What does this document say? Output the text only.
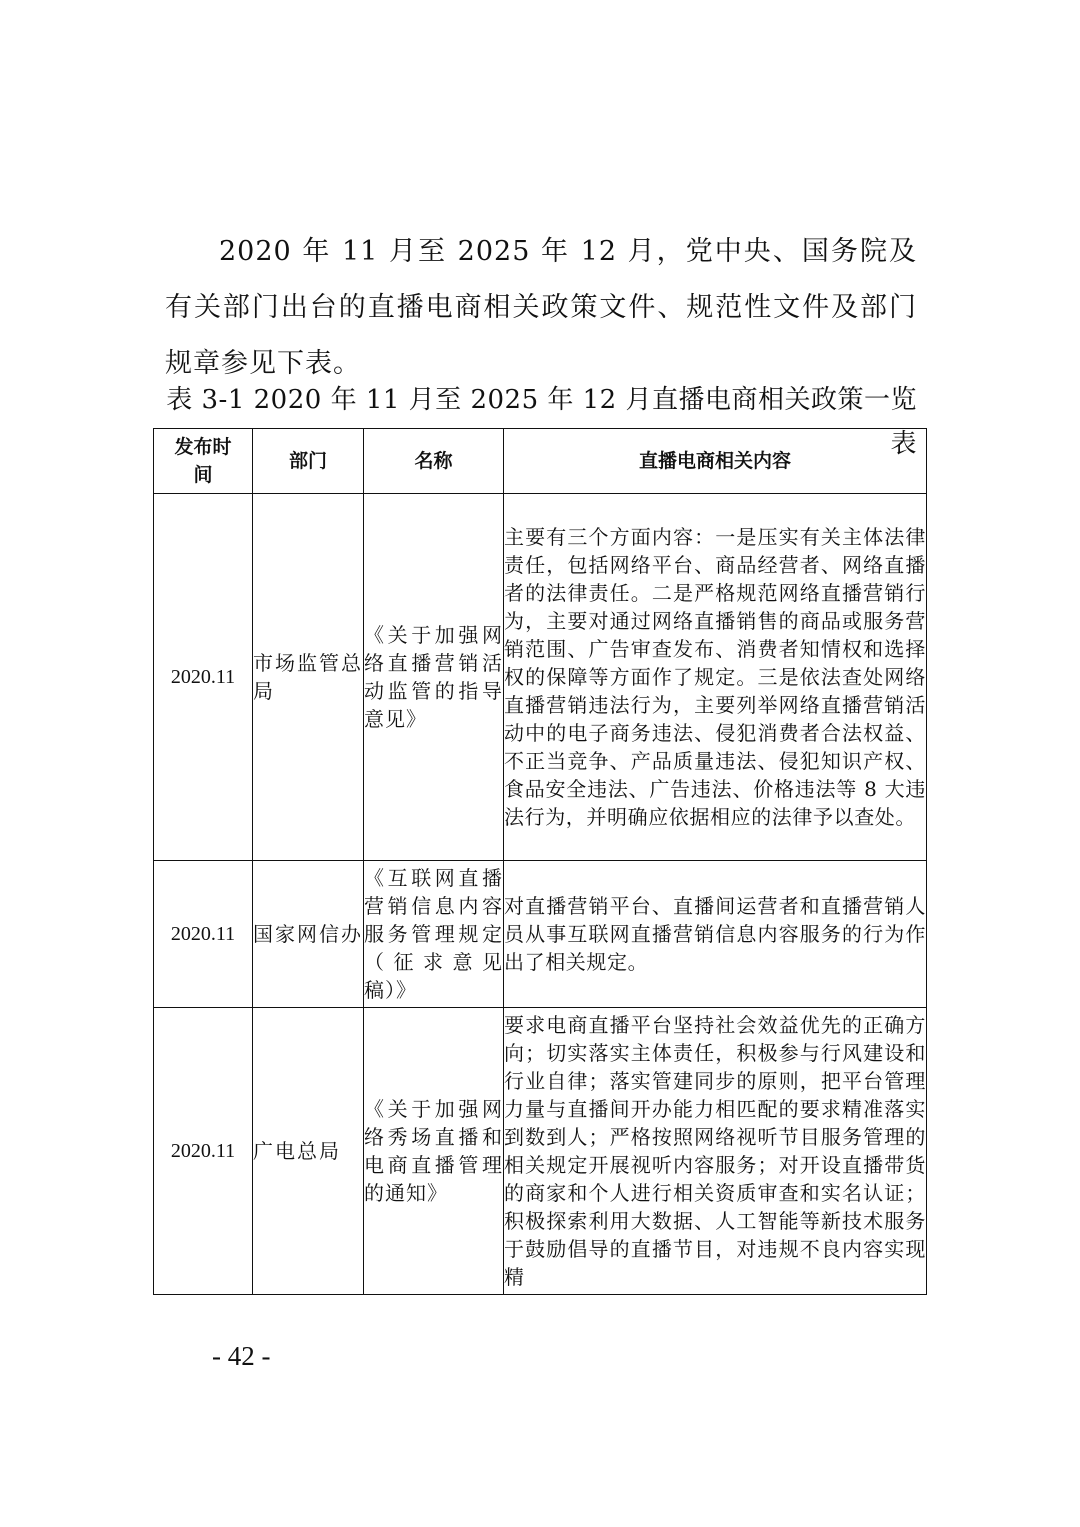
2020 年 11 月至 2025 年 12 月，党中央、国务院及有关部门出台的直播电商相关政策文件、规范性文件及部门规章参见下表。

表 3-1 2020 年 11 月至 2025 年 12 月直播电商相关政策一览表

发布时间	部门	名称	直播电商相关内容
2020.11	市场监管总局	《关于加强网络直播营销活动监管的指导意见》	主要有三个方面内容：一是压实有关主体法律责任，包括网络平台、商品经营者、网络直播者的法律责任。二是严格规范网络直播营销行为，主要对通过网络直播销售的商品或服务营销范围、广告审查发布、消费者知情权和选择权的保障等方面作了规定。三是依法查处网络直播营销违法行为，主要列举网络直播营销活动中的电子商务违法、侵犯消费者合法权益、不正当竞争、产品质量违法、侵犯知识产权、食品安全违法、广告违法、价格违法等 8 大违法行为，并明确应依据相应的法律予以查处。
2020.11	国家网信办	《互联网直播营销信息内容服务管理规定（征求意见稿）》	对直播营销平台、直播间运营者和直播营销人员从事互联网直播营销信息内容服务的行为作出了相关规定。
2020.11	广电总局	《关于加强网络秀场直播和电商直播管理的通知》	要求电商直播平台坚持社会效益优先的正确方向；切实落实主体责任，积极参与行风建设和行业自律；落实管建同步的原则，把平台管理力量与直播间开办能力相匹配的要求精准落实到数到人；严格按照网络视听节目服务管理的相关规定开展视听内容服务；对开设直播带货的商家和个人进行相关资质审查和实名认证；积极探索利用大数据、人工智能等新技术服务于鼓励倡导的直播节目，对违规不良内容实现精

- 42 -
